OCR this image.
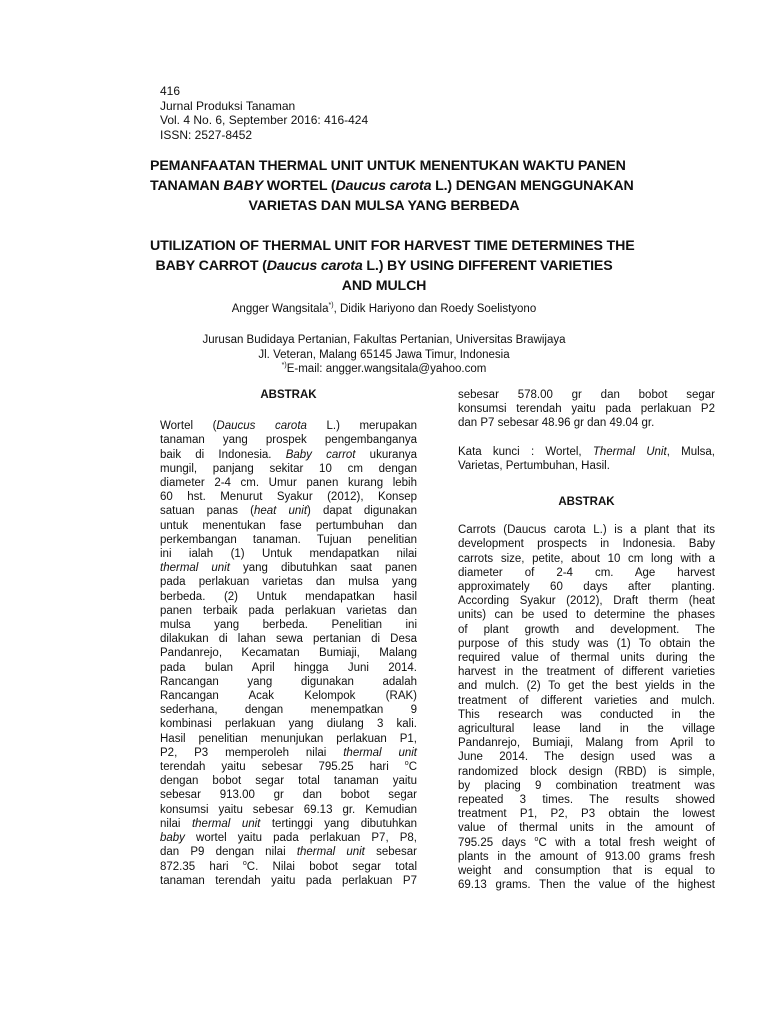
416
Jurnal Produksi Tanaman
Vol. 4 No. 6, September 2016: 416-424
ISSN: 2527-8452
PEMANFAATAN THERMAL UNIT UNTUK MENENTUKAN WAKTU PANEN
TANAMAN BABY WORTEL (Daucus carota L.) DENGAN MENGGUNAKAN
VARIETAS DAN MULSA YANG BERBEDA
UTILIZATION OF THERMAL UNIT FOR HARVEST TIME DETERMINES THE
BABY CARROT (Daucus carota L.) BY USING DIFFERENT VARIETIES
AND MULCH
Angger Wangsitala*), Didik Hariyono dan Roedy Soelistyono
Jurusan Budidaya Pertanian, Fakultas Pertanian, Universitas Brawijaya
Jl. Veteran, Malang 65145 Jawa Timur, Indonesia
*)E-mail: angger.wangsitala@yahoo.com
ABSTRAK
Wortel (Daucus carota L.) merupakan
tanaman yang prospek pengembanganya
baik di Indonesia. Baby carrot ukuranya
mungil, panjang sekitar 10 cm dengan
diameter 2-4 cm. Umur panen kurang lebih
60 hst. Menurut Syakur (2012), Konsep
satuan panas (heat unit) dapat digunakan
untuk menentukan fase pertumbuhan dan
perkembangan tanaman. Tujuan penelitian
ini ialah (1) Untuk mendapatkan nilai
thermal unit yang dibutuhkan saat panen
pada perlakuan varietas dan mulsa yang
berbeda. (2) Untuk mendapatkan hasil
panen terbaik pada perlakuan varietas dan
mulsa yang berbeda. Penelitian ini
dilakukan di lahan sewa pertanian di Desa
Pandanrejo, Kecamatan Bumiaji, Malang
pada bulan April hingga Juni 2014.
Rancangan yang digunakan adalah
Rancangan Acak Kelompok (RAK)
sederhana, dengan menempatkan 9
kombinasi perlakuan yang diulang 3 kali.
Hasil penelitian menunjukan perlakuan P1,
P2, P3 memperoleh nilai thermal unit
terendah yaitu sebesar 795.25 hari $^o$C
dengan bobot segar total tanaman yaitu
sebesar 913.00 gr dan bobot segar
konsumsi yaitu sebesar 69.13 gr. Kemudian
nilai thermal unit tertinggi yang dibutuhkan
baby wortel yaitu pada perlakuan P7, P8,
dan P9 dengan nilai thermal unit sebesar
872.35 hari $^o$C. Nilai bobot segar total
tanaman terendah yaitu pada perlakuan P7
sebesar 578.00 gr dan bobot segar
konsumsi terendah yaitu pada perlakuan P2
dan P7 sebesar 48.96 gr dan 49.04 gr.
Kata kunci : Wortel, Thermal Unit, Mulsa,
Varietas, Pertumbuhan, Hasil.
ABSTRAK
Carrots (Daucus carota L.) is a plant that its
development prospects in Indonesia. Baby
carrots size, petite, about 10 cm long with a
diameter of 2-4 cm. Age harvest
approximately 60 days after planting.
According Syakur (2012), Draft therm (heat
units) can be used to determine the phases
of plant growth and development. The
purpose of this study was (1) To obtain the
required value of thermal units during the
harvest in the treatment of different varieties
and mulch. (2) To get the best yields in the
treatment of different varieties and mulch.
This research was conducted in the
agricultural lease land in the village
Pandanrejo, Bumiaji, Malang from April to
June 2014. The design used was a
randomized block design (RBD) is simple,
by placing 9 combination treatment was
repeated 3 times. The results showed
treatment P1, P2, P3 obtain the lowest
value of thermal units in the amount of
795.25 days $^o$C with a total fresh weight of
plants in the amount of 913.00 grams fresh
weight and consumption that is equal to
69.13 grams. Then the value of the highest
